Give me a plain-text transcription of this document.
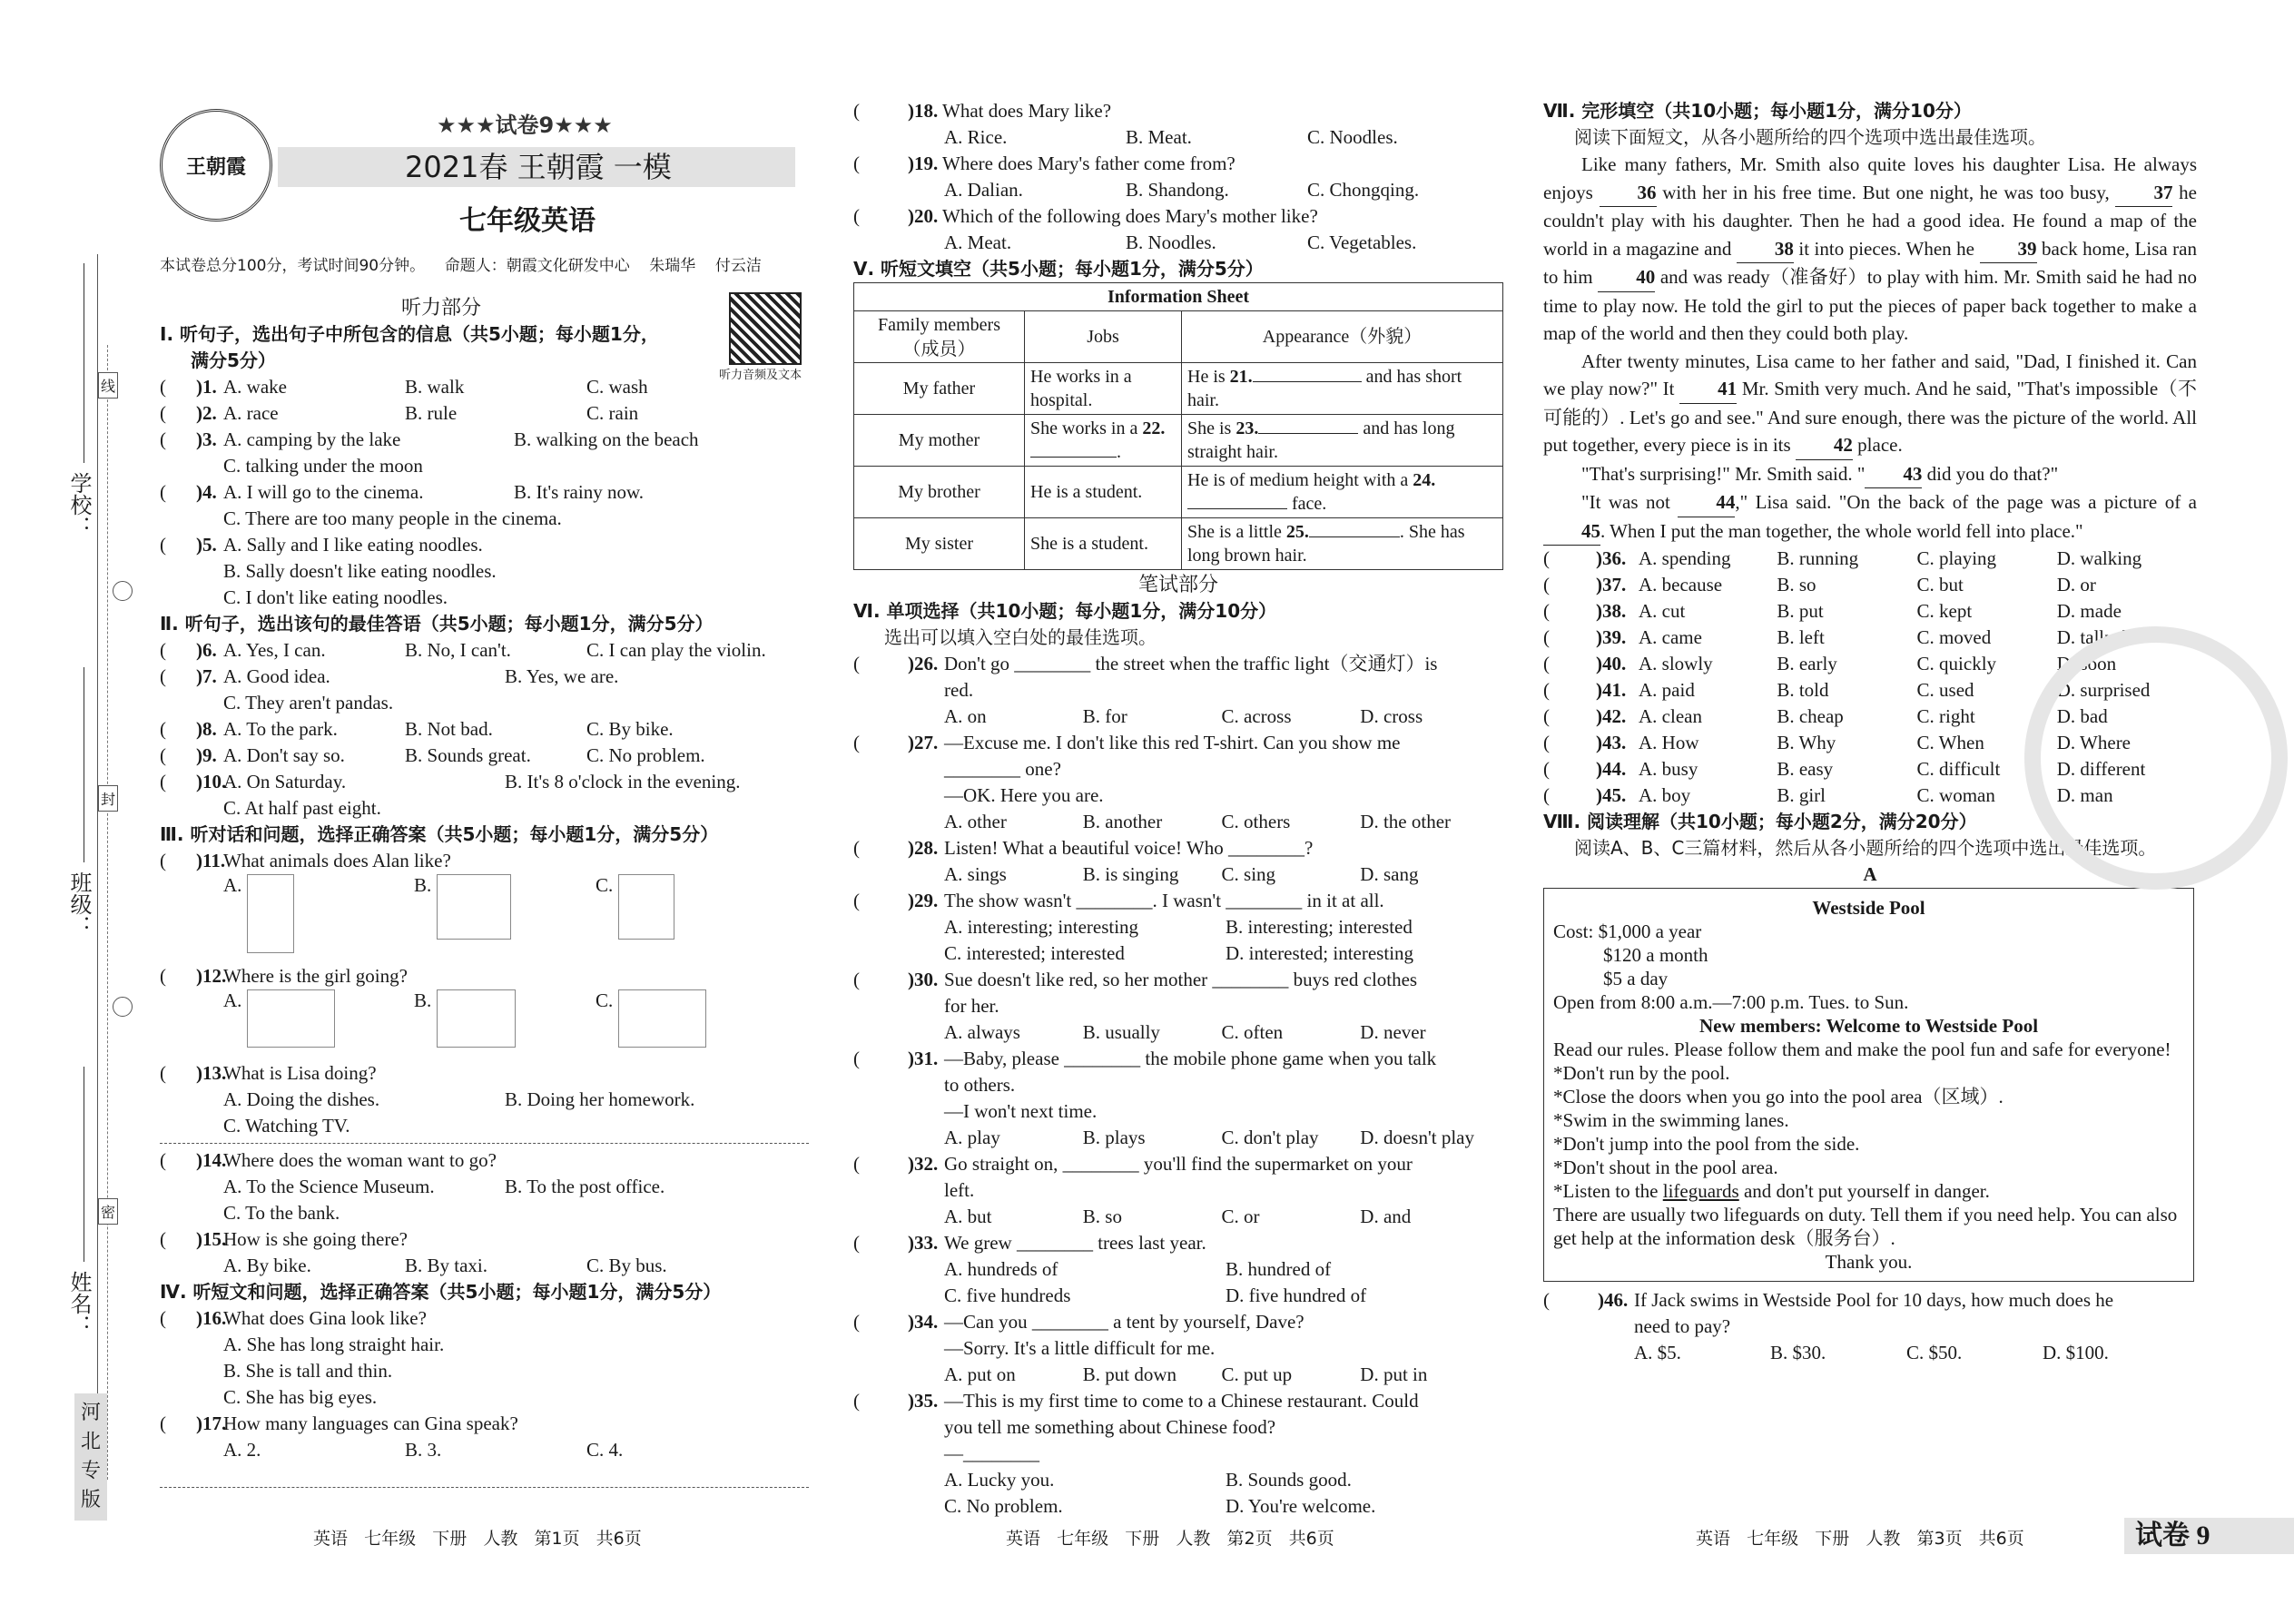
学校：
班级：
姓名：
线
封
密
河
北
专
版
王朝霞
★★★试卷9★★★
2021春 王朝霞 一模
七年级英语
本试卷总分100分，考试时间90分钟。    命题人：朝霞文化研发中心    朱瑞华    付云洁
听力音频及文本
听力部分
Ⅰ. 听句子，选出句子中所包含的信息（共5小题；每小题1分，
满分5分）
( )1. A. wake	B. walk	C. wash
( )2. A. race	B. rule	C. rain
( )3. A. camping by the lake	B. walking on the beach
C. talking under the moon
( )4. A. I will go to the cinema.	B. It's rainy now.
C. There are too many people in the cinema.
( )5. A. Sally and I like eating noodles.
B. Sally doesn't like eating noodles.
C. I don't like eating noodles.
Ⅱ. 听句子，选出该句的最佳答语（共5小题；每小题1分，满分5分）
( )6. A. Yes, I can.	B. No, I can't.	C. I can play the violin.
( )7. A. Good idea.	B. Yes, we are.
C. They aren't pandas.
( )8. A. To the park.	B. Not bad.	C. By bike.
( )9. A. Don't say so.	B. Sounds great.	C. No problem.
( )10.
A. On Saturday.	B. It's 8 o'clock in the evening.
C. At half past eight.
Ⅲ. 听对话和问题，选择正确答案（共5小题；每小题1分，满分5分）
( )11.
What animals does Alan like?
A.	B.	C.
( )12.
Where is the girl going?
A.	B.	C.
( )13.
What is Lisa doing?
A. Doing the dishes.	B. Doing her homework.
C. Watching TV.
( )14.
Where does the woman want to go?
A. To the Science Museum.	B. To the post office.
C. To the bank.
( )15.
How is she going there?
A. By bike.	B. By taxi.	C. By bus.
Ⅳ. 听短文和问题，选择正确答案（共5小题；每小题1分，满分5分）
( )16.
What does Gina look like?
A. She has long straight hair.
B. She is tall and thin.
C. She has big eyes.
( )17.
How many languages can Gina speak?
A. 2.	B. 3.	C. 4.
(	)18. What does Mary like?
A. Rice.	B. Meat.	C. Noodles.
(	)19. Where does Mary's father come from?
A. Dalian.	B. Shandong.	C. Chongqing.
(	)20. Which of the following does Mary's mother like?
A. Meat.	B. Noodles.	C. Vegetables.
Ⅴ. 听短文填空（共5小题；每小题1分，满分5分）
Information Sheet		

Family members
（成员）	Jobs	Appearance（外貌）
My father	He works in a hospital.	He is 21. and has short hair.
My mother	She works in a 22..	She is 23. and has long straight hair.
My brother	He is a student.	He is of medium height with a 24. face.
My sister	She is a student.	She is a little 25. . She has long brown hair.
笔试部分
Ⅵ. 单项选择（共10小题；每小题1分，满分10分）
选出可以填入空白处的最佳选项。
(	)26. Don't go ________ the street when the traffic light（交通灯）is
red.
A. on	B. for	C. across	D. cross
(	)27. —Excuse me. I don't like this red T-shirt. Can you show me
________ one?
—OK. Here you are.
A. other	B. another	C. others	D. the other
(	)28. Listen! What a beautiful voice! Who ________?
A. sings	B. is singing	C. sing	D. sang
(	)29. The show wasn't ________. I wasn't ________ in it at all.
A. interesting; interesting	B. interesting; interested
C. interested; interested	D. interested; interesting
(	)30. Sue doesn't like red, so her mother ________ buys red clothes
for her.
A. always	B. usually	C. often	D. never
(	)31. —Baby, please ________ the mobile phone game when you talk
to others.
—I won't next time.
A. play	B. plays	C. don't play	D. doesn't play
(	)32. Go straight on, ________ you'll find the supermarket on your
left.
A. but	B. so	C. or	D. and
(	)33. We grew ________ trees last year.
A. hundreds of	B. hundred of
C. five hundreds	D. five hundred of
(	)34. —Can you ________ a tent by yourself, Dave?
—Sorry. It's a little difficult for me.
A. put on	B. put down	C. put up	D. put in
(	)35. —This is my first time to come to a Chinese restaurant. Could
you tell me something about Chinese food?
—________
A. Lucky you.	B. Sounds good.
C. No problem.	D. You're welcome.
Ⅶ. 完形填空（共10小题；每小题1分，满分10分）
阅读下面短文，从各小题所给的四个选项中选出最佳选项。
Like many fathers, Mr. Smith also quite loves his daughter Lisa. He always enjoys 36 with her in his free time. But one night, he was too busy, 37 he couldn't play with his daughter. Then he had a good idea. He found a map of the world in a magazine and 38 it into pieces. When he 39 back home, Lisa ran to him 40 and was ready（准备好）to play with him. Mr. Smith said he had no time to play now. He told the girl to put the pieces of paper back together to make a map of the world and then they could both play.
After twenty minutes, Lisa came to her father and said, "Dad, I finished it. Can we play now?" It 41 Mr. Smith very much. And he said, "That's impossible（不可能的）. Let's go and see." And sure enough, there was the picture of the world. All put together, every piece is in its 42 place.
"That's surprising!" Mr. Smith said. " 43 did you do that?"
"It was not 44," Lisa said. "On the back of the page was a picture of a 45. When I put the man together, the whole world fell into place."
( )36. A. spending	B. running	C. playing	D. walking
( )37. A. because	B. so	C. but	D. or
( )38. A. cut	B. put	C. kept	D. made
( )39. A. came	B. left	C. moved	D. talked
( )40. A. slowly	B. early	C. quickly	D. soon
( )41. A. paid	B. told	C. used	D. surprised
( )42. A. clean	B. cheap	C. right	D. bad
( )43. A. How	B. Why	C. When	D. Where
( )44. A. busy	B. easy	C. difficult	D. different
( )45. A. boy	B. girl	C. woman	D. man
Ⅷ. 阅读理解（共10小题；每小题2分，满分20分）
阅读A、B、C三篇材料，然后从各小题所给的四个选项中选出最佳选项。
A
Westside Pool
Cost: $1,000 a year
$120 a month
$5 a day
Open from 8:00 a.m.—7:00 p.m. Tues. to Sun.
New members: Welcome to Westside Pool
Read our rules. Please follow them and make the pool fun and safe for everyone!
*Don't run by the pool.
*Close the doors when you go into the pool area（区域）.
*Swim in the swimming lanes.
*Don't jump into the pool from the side.
*Don't shout in the pool area.
*Listen to the lifeguards and don't put yourself in danger.
There are usually two lifeguards on duty. Tell them if you need help. You can also get help at the information desk（服务台）.
Thank you.
(	)46. If Jack swims in Westside Pool for 10 days, how much does he
need to pay?
A. $5.	B. $30.	C. $50.	D. $100.
英语   七年级   下册   人教   第1页   共6页	英语   七年级   下册   人教   第2页   共6页	英语   七年级   下册   人教   第3页   共6页	试卷 9
